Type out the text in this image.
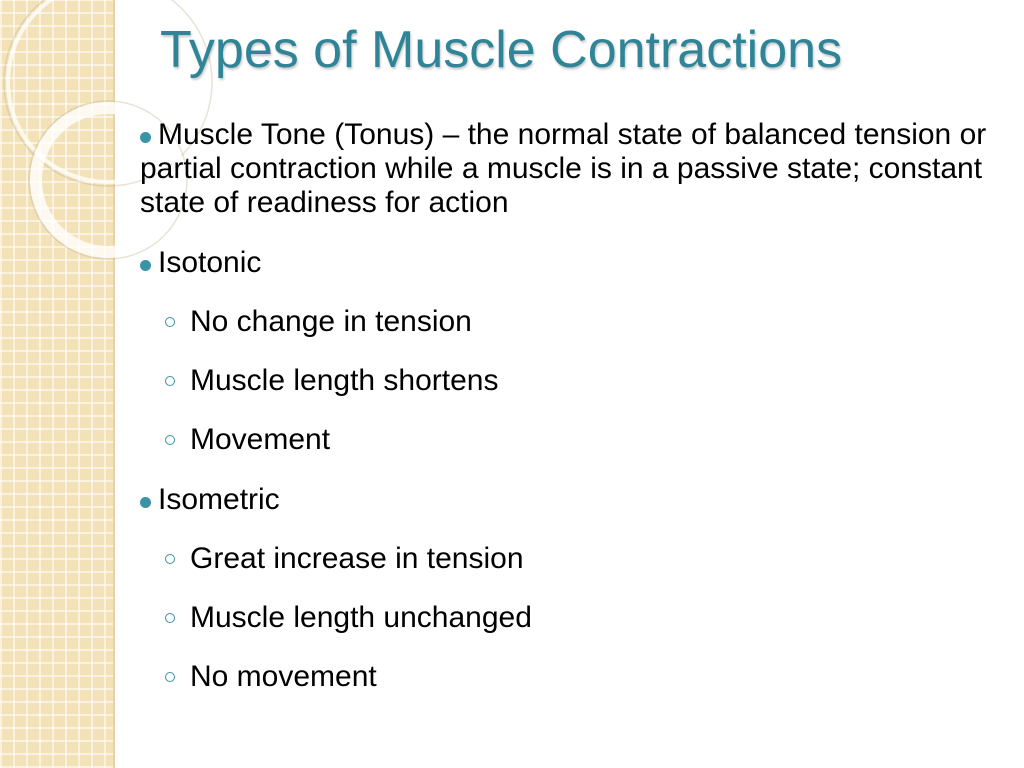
Types of Muscle Contractions
Muscle Tone (Tonus) – the normal state of balanced tension or partial contraction while a muscle is in a passive state; constant state of readiness for action
Isotonic
No change in tension
Muscle length shortens
Movement
Isometric
Great increase in tension
Muscle length unchanged
No movement
